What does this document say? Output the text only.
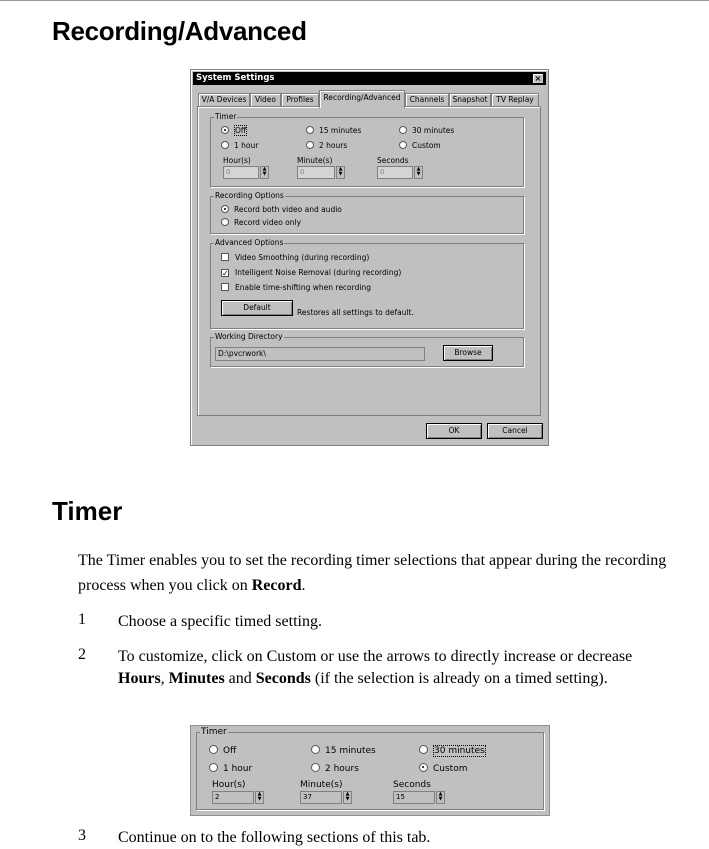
Recording/Advanced
System Settings	×
V/A Devices	Video	Profiles	Recording/Advanced	Channels	Snapshot	TV Replay
Timer
Off	15 minutes	30 minutes
1 hour	2 hours	Custom
Hour(s)
0	▲
▼
Minute(s)
0	▲
▼
Seconds
0	▲
▼
Recording Options
Record both video and audio
Record video only
Advanced Options
Video Smoothing (during recording)
✓ Intelligent Noise Removal (during recording)
Enable time-shifting when recording
Default
Restores all settings to default.
Working Directory
D:\pvcrwork\	Browse
OK	Cancel
Timer
The Timer enables you to set the recording timer selections that appear during the recording process when you click on Record.
1 Choose a specific timed setting.
2 To customize, click on Custom or use the arrows to directly increase or decrease Hours, Minutes and Seconds (if the selection is already on a timed setting).
Timer
Off	15 minutes	30 minutes
1 hour	2 hours	Custom
Hour(s)
2	▲
▼
Minute(s)
37	▲
▼
Seconds
15	▲
▼
3 Continue on to the following sections of this tab.
